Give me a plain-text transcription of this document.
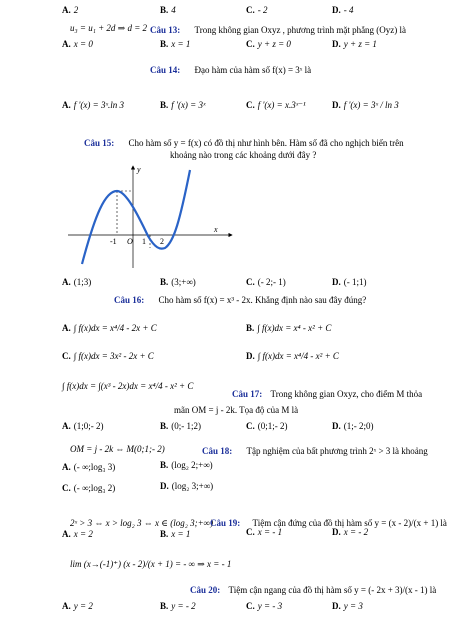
A. 2	B. 4	C. - 2	D. - 4
u₃ = u₁ + 2d ⇒ d = 2 Câu 13: Trong không gian Oxyz , phương trình mặt phẳng (Oyz) là
A. x = 0	B. x = 1	C. y + z = 0	D. y + z = 1
Câu 14: Đạo hàm của hàm số f(x) = 3ˣ là
A. f '(x) = 3ˣ.ln 3	B. f '(x) = 3ˣ	C. f '(x) = x.3ˣ⁻¹	D. f '(x) = 3ˣ / ln 3
Câu 15: Cho hàm số y = f(x) có đồ thị như hình bên. Hàm số đã cho nghịch biến trên
khoảng nào trong các khoảng dưới đây ?
y
x
O
-1	1 2
A. (1;3)	B. (3;+∞)	C. (- 2;- 1)	D. (- 1;1)
Câu 16: Cho hàm số f(x) = x³ - 2x. Khẳng định nào sau đây đúng?
A. ∫ f(x)dx = x⁴/4 - 2x + C	B. ∫ f(x)dx = x⁴ - x² + C
C. ∫ f(x)dx = 3x² - 2x + C	D. ∫ f(x)dx = x⁴/4 - x² + C
∫ f(x)dx = ∫(x³ - 2x)dx = x⁴/4 - x² + C
Câu 17: Trong không gian Oxyz, cho điểm M thỏa
mãn OM = j - 2k. Tọa độ của M là
A. (1;0;- 2)	B. (0;- 1;2)	C. (0;1;- 2)	D. (1;- 2;0)
OM = j - 2k ⇔ M(0;1;- 2)	Câu 18: Tập nghiệm của bất phương trình 2ˣ > 3 là khoảng
A. (- ∞;log₃ 3)	B. (log₂ 2;+∞)
C. (- ∞;log₃ 2)	D. (log₂ 3;+∞)
2ˣ > 3 ⇔ x > log₂ 3 ⇔ x ∈ (log₂ 3;+∞)
Câu 19: Tiệm cận đứng của đồ thị hàm số y = (x - 2)/(x + 1) là
A. x = 2	B. x = 1	C. x = - 1	D. x = - 2
lim (x→(-1)⁺) (x - 2)/(x + 1) = - ∞ ⇒ x = - 1
Câu 20: Tiệm cận ngang của đồ thị hàm số y = (- 2x + 3)/(x - 1) là
A. y = 2	B. y = - 2	C. y = - 3	D. y = 3
